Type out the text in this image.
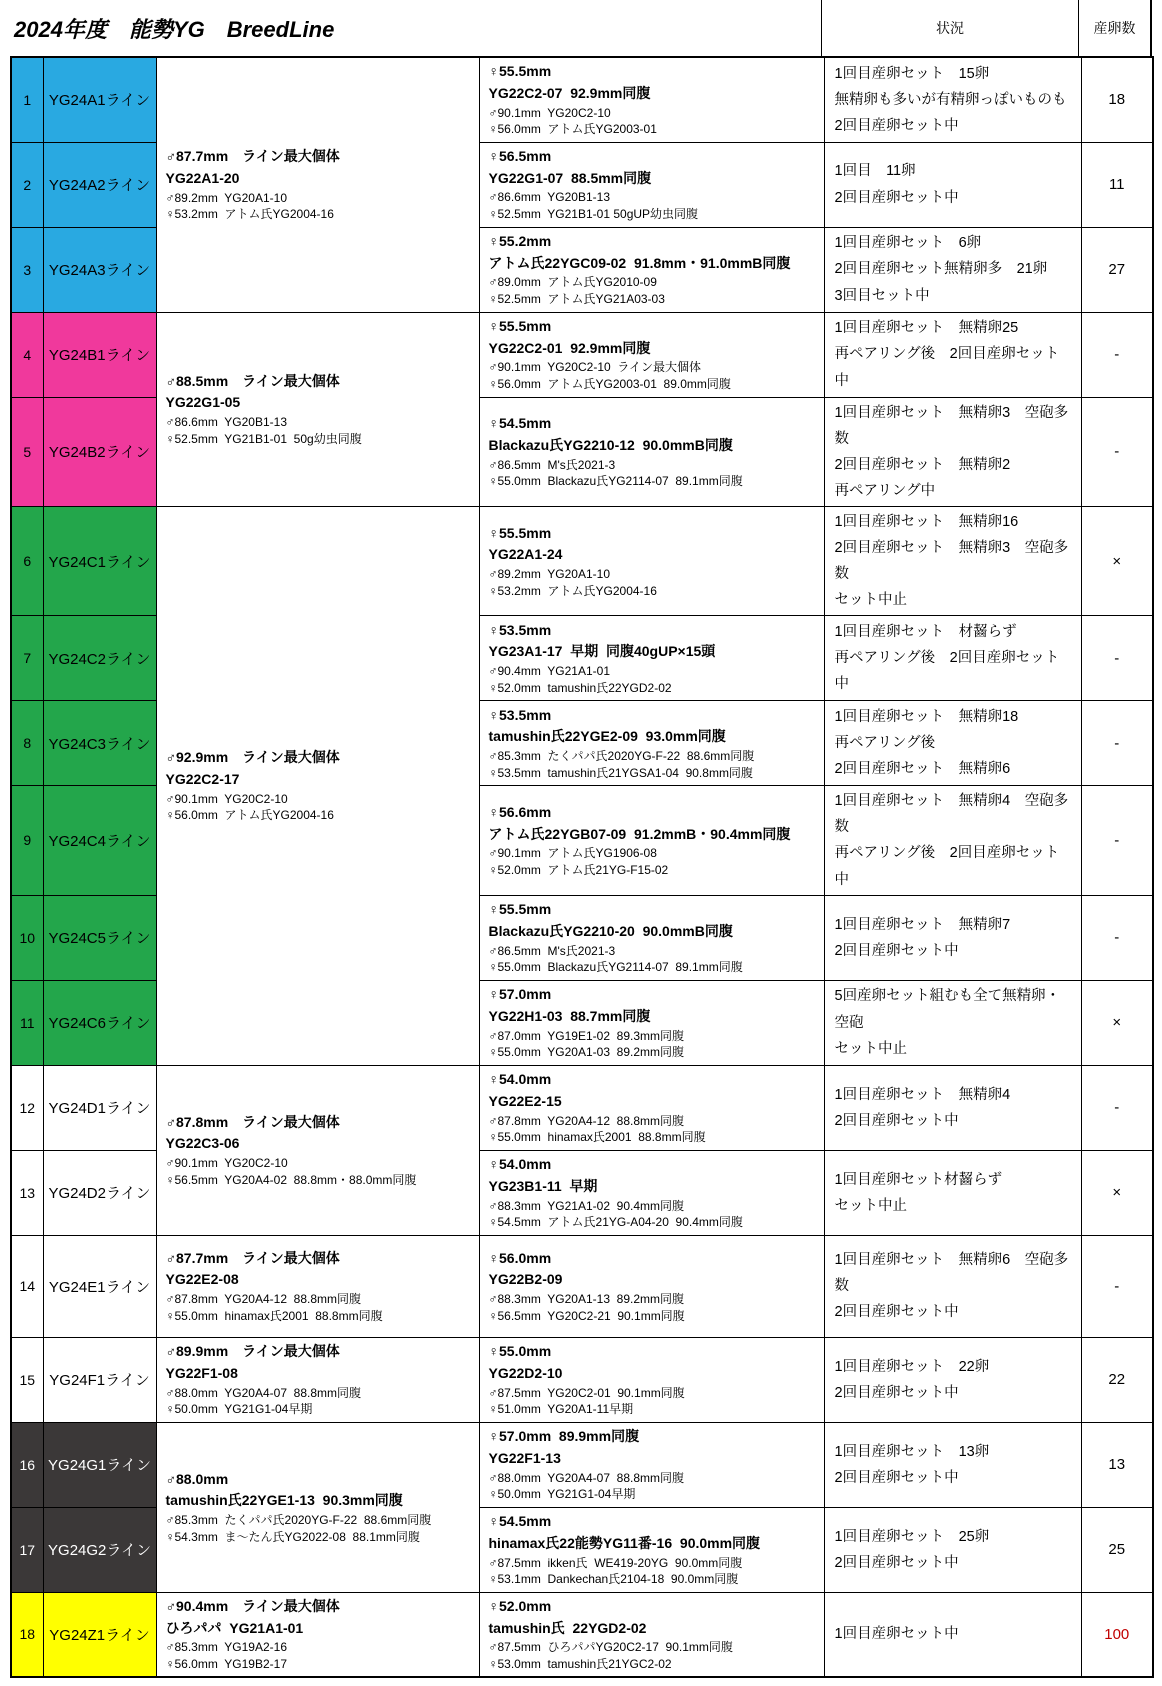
2024年度　能勢YG　BreedLine	状況	産卵数
1	YG24A1ライン	
♂87.7mm　ライン最大個体
YG22A1-20
♂89.2mm  YG20A1-10
♀53.2mm  アトム氏YG2004-16

♀55.5mm
YG22C2-07  92.9mm同腹
♂90.1mm  YG20C2-10
♀56.0mm  アトム氏YG2003-01

1回目産卵セット　15卵
無精卵も多いが有精卵っぽいものも
2回目産卵セット中
	18
2	YG24A2ライン	
♀56.5mm
YG22G1-07  88.5mm同腹
♂86.6mm  YG20B1-13
♀52.5mm  YG21B1-01 50gUP幼虫同腹

1回目　11卵
2回目産卵セット中
	11
3	YG24A3ライン	
♀55.2mm
アトム氏22YGC09-02  91.8mm・91.0mmB同腹
♂89.0mm  アトム氏YG2010-09
♀52.5mm  アトム氏YG21A03-03

1回目産卵セット　6卵
2回目産卵セット無精卵多　21卵
3回目セット中
	27
4	YG24B1ライン	
♂88.5mm　ライン最大個体
YG22G1-05
♂86.6mm  YG20B1-13
♀52.5mm  YG21B1-01  50g幼虫同腹

♀55.5mm
YG22C2-01  92.9mm同腹
♂90.1mm  YG20C2-10  ライン最大個体
♀56.0mm  アトム氏YG2003-01  89.0mm同腹

1回目産卵セット　無精卵25
再ペアリング後　2回目産卵セット中
	-
5	YG24B2ライン	
♀54.5mm
Blackazu氏YG2210-12  90.0mmB同腹
♂86.5mm  M's氏2021-3
♀55.0mm  Blackazu氏YG2114-07  89.1mm同腹

1回目産卵セット　無精卵3　空砲多数
2回目産卵セット　無精卵2
再ペアリング中
	-
6	YG24C1ライン	
♂92.9mm　ライン最大個体
YG22C2-17
♂90.1mm  YG20C2-10
♀56.0mm  アトム氏YG2004-16

♀55.5mm
YG22A1-24
♂89.2mm  YG20A1-10
♀53.2mm  アトム氏YG2004-16

1回目産卵セット　無精卵16
2回目産卵セット　無精卵3　空砲多数
セット中止
	×
7	YG24C2ライン	
♀53.5mm
YG23A1-17  早期  同腹40gUP×15頭
♂90.4mm  YG21A1-01
♀52.0mm  tamushin氏22YGD2-02

1回目産卵セット　材齧らず
再ペアリング後　2回目産卵セット中
	-
8	YG24C3ライン	
♀53.5mm
tamushin氏22YGE2-09  93.0mm同腹
♂85.3mm  たくパパ氏2020YG-F-22  88.6mm同腹
♀53.5mm  tamushin氏21YGSA1-04  90.8mm同腹

1回目産卵セット　無精卵18
再ペアリング後
2回目産卵セット　無精卵6
	-
9	YG24C4ライン	
♀56.6mm
アトム氏22YGB07-09  91.2mmB・90.4mm同腹
♂90.1mm  アトム氏YG1906-08
♀52.0mm  アトム氏21YG-F15-02

1回目産卵セット　無精卵4　空砲多数
再ペアリング後　2回目産卵セット中
	-
10	YG24C5ライン	
♀55.5mm
Blackazu氏YG2210-20  90.0mmB同腹
♂86.5mm  M's氏2021-3
♀55.0mm  Blackazu氏YG2114-07  89.1mm同腹

1回目産卵セット　無精卵7
2回目産卵セット中
	-
11	YG24C6ライン	
♀57.0mm
YG22H1-03  88.7mm同腹
♂87.0mm  YG19E1-02  89.3mm同腹
♀55.0mm  YG20A1-03  89.2mm同腹

5回産卵セット組むも全て無精卵・空砲
セット中止
	×
12	YG24D1ライン	
♂87.8mm　ライン最大個体
YG22C3-06
♂90.1mm  YG20C2-10
♀56.5mm  YG20A4-02  88.8mm・88.0mm同腹

♀54.0mm
YG22E2-15
♂87.8mm  YG20A4-12  88.8mm同腹
♀55.0mm  hinamax氏2001  88.8mm同腹

1回目産卵セット　無精卵4
2回目産卵セット中
	-
13	YG24D2ライン	
♀54.0mm
YG23B1-11  早期
♂88.3mm  YG21A1-02  90.4mm同腹
♀54.5mm  アトム氏21YG-A04-20  90.4mm同腹

1回目産卵セット材齧らず
セット中止
	×
14	YG24E1ライン	
♂87.7mm　ライン最大個体
YG22E2-08
♂87.8mm  YG20A4-12  88.8mm同腹
♀55.0mm  hinamax氏2001  88.8mm同腹

♀56.0mm
YG22B2-09
♂88.3mm  YG20A1-13  89.2mm同腹
♀56.5mm  YG20C2-21  90.1mm同腹

1回目産卵セット　無精卵6　空砲多数
2回目産卵セット中
	-
15	YG24F1ライン	
♂89.9mm　ライン最大個体
YG22F1-08
♂88.0mm  YG20A4-07  88.8mm同腹
♀50.0mm  YG21G1-04早期

♀55.0mm
YG22D2-10
♂87.5mm  YG20C2-01  90.1mm同腹
♀51.0mm  YG20A1-11早期

1回目産卵セット　22卵
2回目産卵セット中
	22
16	YG24G1ライン	
♂88.0mm
tamushin氏22YGE1-13  90.3mm同腹
♂85.3mm  たくパパ氏2020YG-F-22  88.6mm同腹
♀54.3mm  ま〜たん氏YG2022-08  88.1mm同腹

♀57.0mm  89.9mm同腹
YG22F1-13
♂88.0mm  YG20A4-07  88.8mm同腹
♀50.0mm  YG21G1-04早期

1回目産卵セット　13卵
2回目産卵セット中
	13
17	YG24G2ライン	
♀54.5mm
hinamax氏22能勢YG11番-16  90.0mm同腹
♂87.5mm  ikken氏  WE419-20YG  90.0mm同腹
♀53.1mm  Dankechan氏2104-18  90.0mm同腹

1回目産卵セット　25卵
2回目産卵セット中
	25
18	YG24Z1ライン	
♂90.4mm　ライン最大個体
ひろパパ  YG21A1-01
♂85.3mm  YG19A2-16
♀56.0mm  YG19B2-17

♀52.0mm
tamushin氏  22YGD2-02
♂87.5mm  ひろパパYG20C2-17  90.1mm同腹
♀53.0mm  tamushin氏21YGC2-02

1回目産卵セット中	100
